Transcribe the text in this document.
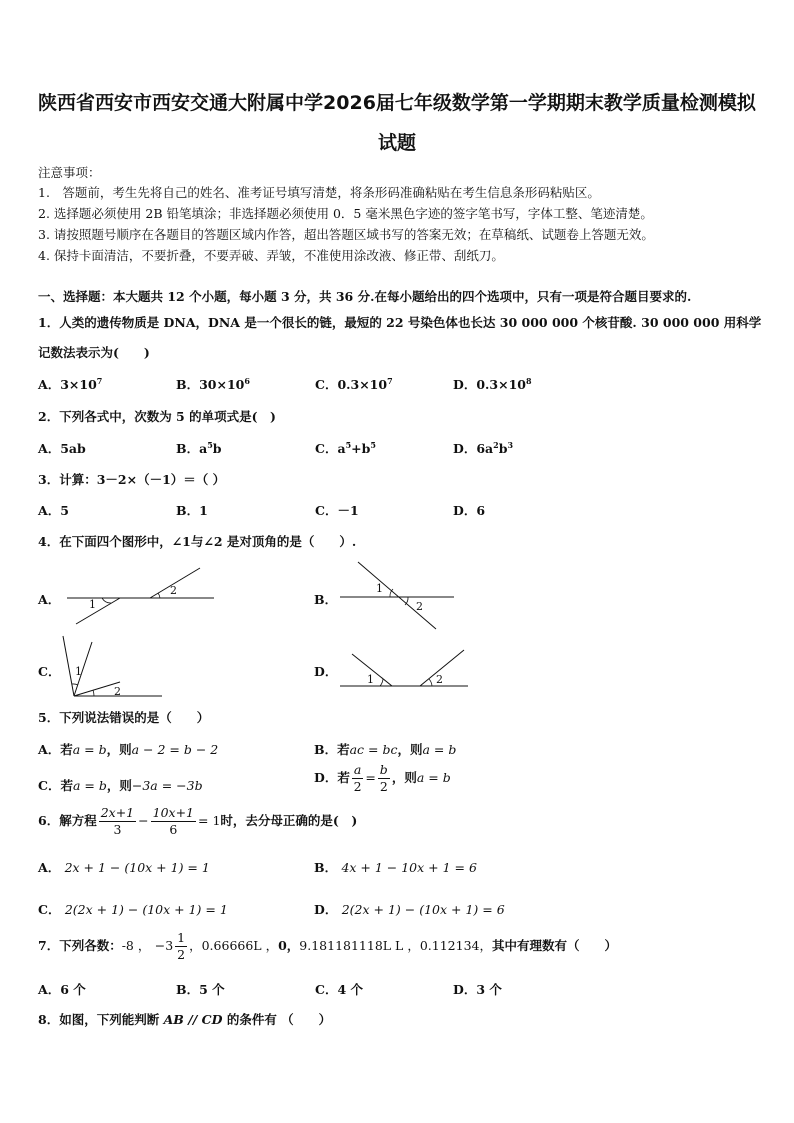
陕西省西安市西安交通大附属中学2026届七年级数学第一学期期末教学质量检测模拟
试题
注意事项：
1.　答题前，考生先将自己的姓名、准考证号填写清楚，将条形码准确粘贴在考生信息条形码粘贴区。
2. 选择题必须使用 2B 铅笔填涂；非选择题必须使用 0．5 毫米黑色字迹的签字笔书写，字体工整、笔迹清楚。
3. 请按照题号顺序在各题目的答题区域内作答，超出答题区域书写的答案无效；在草稿纸、试题卷上答题无效。
4. 保持卡面清洁，不要折叠，不要弄破、弄皱，不准使用涂改液、修正带、刮纸刀。
一、选择题：本大题共 12 个小题，每小题 3 分，共 36 分.在每小题给出的四个选项中，只有一项是符合题目要求的.
1．人类的遗传物质是 DNA，DNA 是一个很长的链，最短的 22 号染色体也长达 30 000 000 个核苷酸. 30 000 000 用科学
记数法表示为(　　)
A．$3\times 10^7$	B．$30\times 10^6$	C．$0.3\times 10^7$	D．$0.3\times 10^8$
2．下列各式中，次数为 5 的单项式是(　)
A．5ab	B．$a^5b$	C．$a^5+b^5$	D．$6a^2b^3$
3．计算：3－2×（－1）＝（ ）
A．5	B．1	C．－1	D．6
4．在下面四个图形中，∠1与∠2 是对顶角的是（　　）.
A．	1
2
B．
1
2
C． 1
2
D．
1	2
5．下列说法错误的是（　　）
A．若a = b，则a − 2 = b − 2	B．若ac = bc，则a = b
C．若a = b，则−3a = −3b
D．若 $\frac{a}{2} = \frac{b}{2}$ ，则a = b
6．解方程 $\frac{2x+1}{3} - \frac{10x+1}{6} = 1$时，去分母正确的是(　)
A． 2x + 1 − (10x + 1) = 1	B． 4x + 1 − 10x + 1 = 6
C． 2(2x + 1) − (10x + 1) = 1	D． 2(2x + 1) − (10x + 1) = 6
7．下列各数：-8 ， $-3 \frac{1}{2}$ ，0.66666L ，0，9.181181118L L ，0.112134，其中有理数有（　　）
A．6 个	B．5 个	C．4 个	D．3 个
8．如图，下列能判断 AB // CD 的条件有 （　　）
